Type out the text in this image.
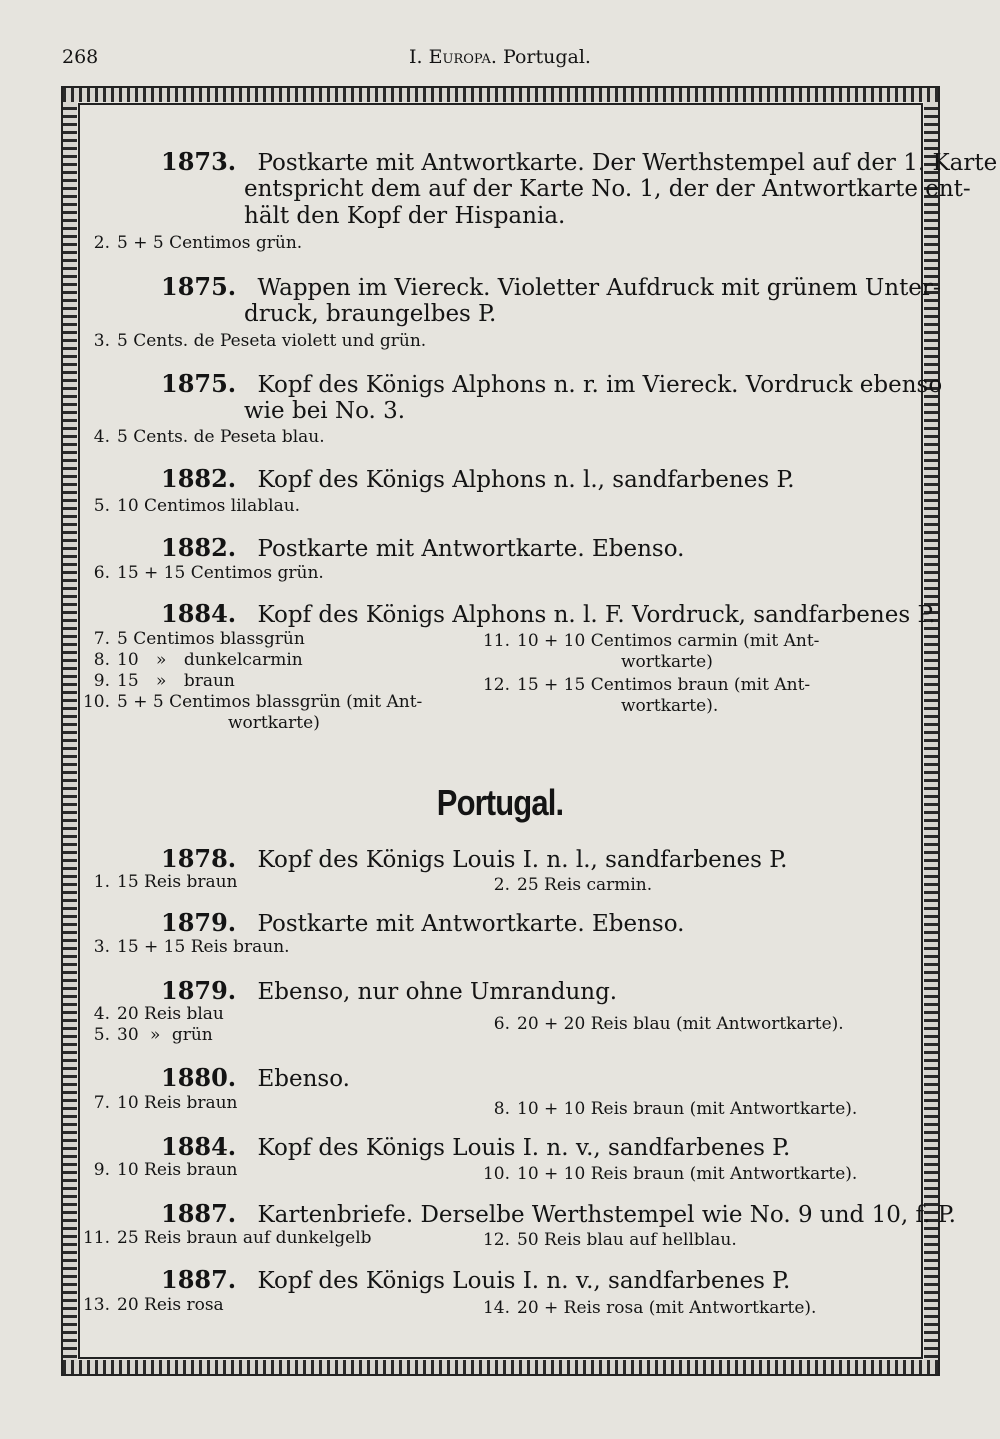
268	I. Europa. Portugal.
1873. Postkarte mit Antwortkarte. Der Werthstempel auf der 1. Karte
entspricht dem auf der Karte No. 1, der der Antwortkarte ent-
hält den Kopf der Hispania.
2. 5 + 5 Centimos grün.
1875. Wappen im Viereck. Violetter Aufdruck mit grünem Unter-
druck, braungelbes P.
3. 5 Cents. de Peseta violett und grün.
1875. Kopf des Königs Alphons n. r. im Viereck. Vordruck ebenso
wie bei No. 3.
4. 5 Cents. de Peseta blau.
1882. Kopf des Königs Alphons n. l., sandfarbenes P.
5. 10 Centimos lilablau.
1882. Postkarte mit Antwortkarte. Ebenso.
6. 15 + 15 Centimos grün.
1884. Kopf des Königs Alphons n. l. F. Vordruck, sandfarbenes P.
7. 5 Centimos blassgrün
8. 10 » dunkelcarmin
9. 15 » braun
10. 5 + 5 Centimos blassgrün (mit Ant-
wortkarte)
11. 10 + 10 Centimos carmin (mit Ant-
wortkarte)
12. 15 + 15 Centimos braun (mit Ant-
wortkarte).
Portugal.
1878. Kopf des Königs Louis I. n. l., sandfarbenes P.
1. 15 Reis braun	2. 25 Reis carmin.
1879. Postkarte mit Antwortkarte. Ebenso.
3. 15 + 15 Reis braun.
1879. Ebenso, nur ohne Umrandung.
4. 20 Reis blau
5. 30 » grün
6. 20 + 20 Reis blau (mit Antwortkarte).
1880. Ebenso.
7. 10 Reis braun	8. 10 + 10 Reis braun (mit Antwortkarte).
1884. Kopf des Königs Louis I. n. v., sandfarbenes P.
9. 10 Reis braun	10. 10 + 10 Reis braun (mit Antwortkarte).
1887. Kartenbriefe. Derselbe Werthstempel wie No. 9 und 10, f. P.
11. 25 Reis braun auf dunkelgelb	12. 50 Reis blau auf hellblau.
1887. Kopf des Königs Louis I. n. v., sandfarbenes P.
13. 20 Reis rosa	14. 20 + Reis rosa (mit Antwortkarte).
